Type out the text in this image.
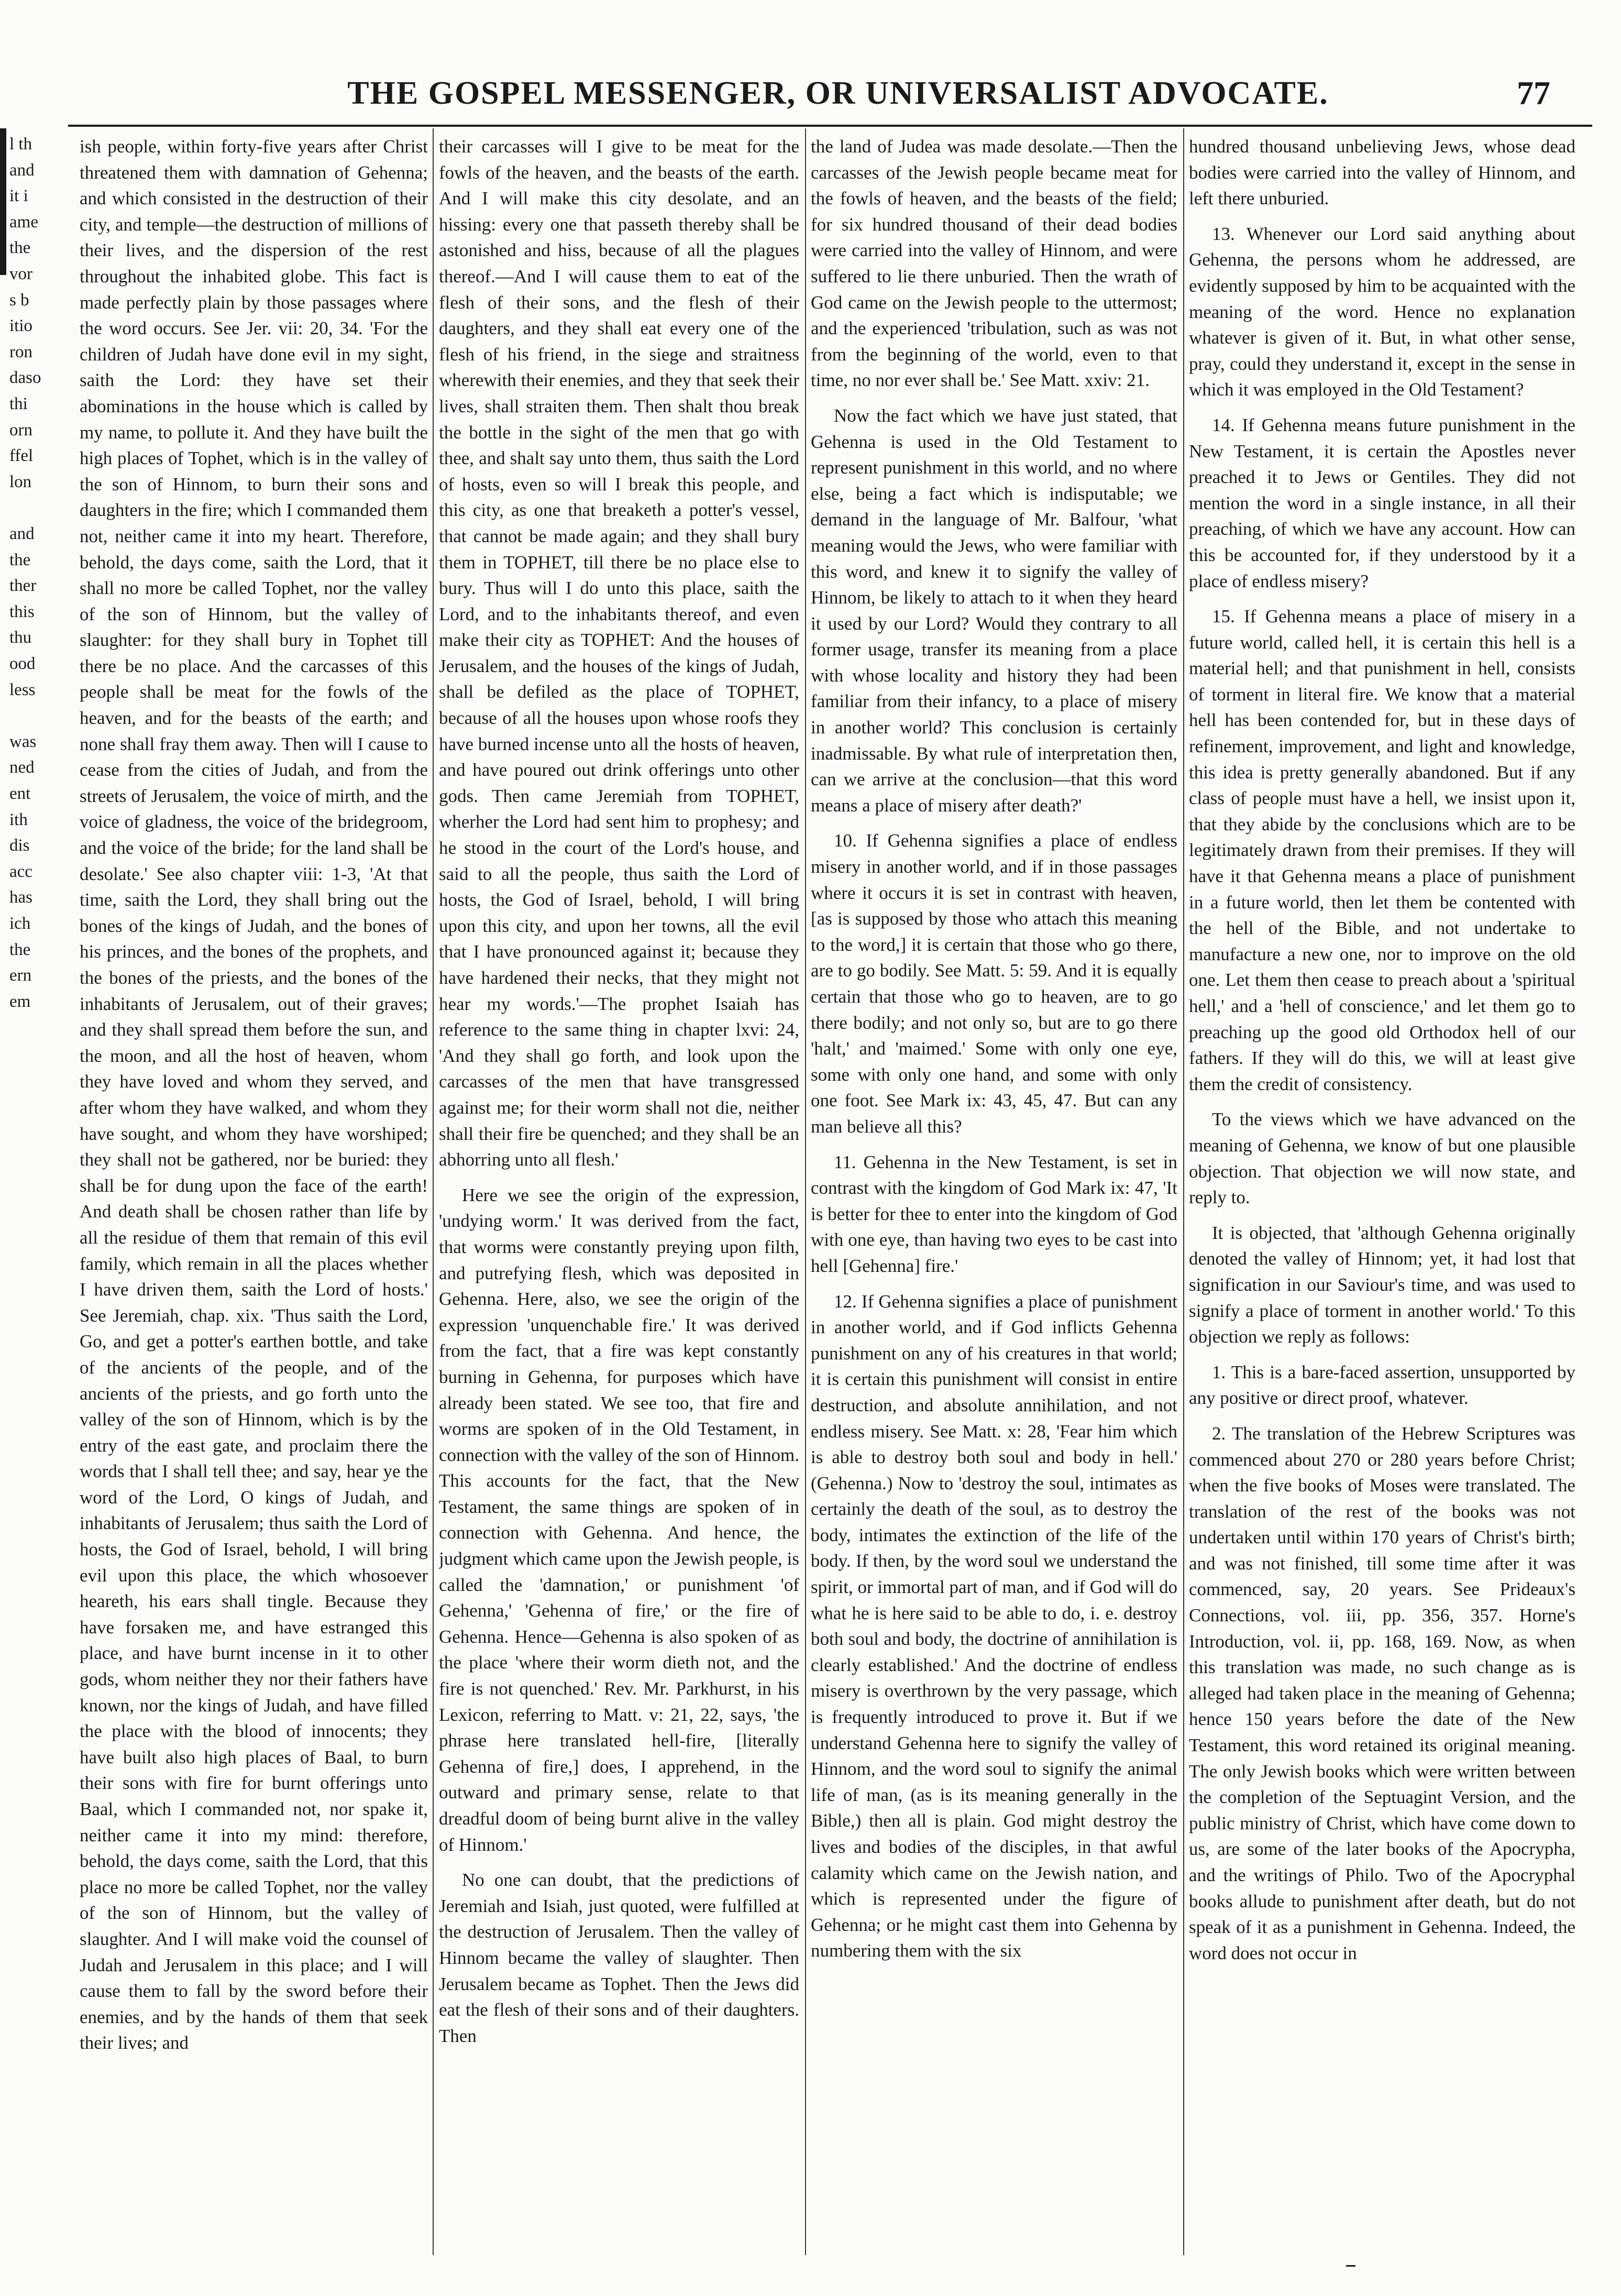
THE GOSPEL MESSENGER, OR UNIVERSALIST ADVOCATE.	77
l th
and
it i
ame
the
vor
s b
itio
ron
daso
thi
orn
ffel
lon
and
the
ther
this
thu
ood
less
was
ned
ent
ith
dis
acc
has
ich
the
ern
em

ish people, within forty-five years after Christ threatened them with damnation of Gehenna; and which consisted in the destruction of their city, and temple—the destruction of millions of their lives, and the dispersion of the rest throughout the inhabited globe. This fact is made perfectly plain by those passages where the word occurs. See Jer. vii: 20, 34. 'For the children of Judah have done evil in my sight, saith the Lord: they have set their abominations in the house which is called by my name, to pollute it. And they have built the high places of Tophet, which is in the valley of the son of Hinnom, to burn their sons and daughters in the fire; which I commanded them not, neither came it into my heart. Therefore, behold, the days come, saith the Lord, that it shall no more be called Tophet, nor the valley of the son of Hinnom, but the valley of slaughter: for they shall bury in Tophet till there be no place. And the carcasses of this people shall be meat for the fowls of the heaven, and for the beasts of the earth; and none shall fray them away. Then will I cause to cease from the cities of Judah, and from the streets of Jerusalem, the voice of mirth, and the voice of gladness, the voice of the bridegroom, and the voice of the bride; for the land shall be desolate.' See also chapter viii: 1-3, 'At that time, saith the Lord, they shall bring out the bones of the kings of Judah, and the bones of his princes, and the bones of the prophets, and the bones of the priests, and the bones of the inhabitants of Jerusalem, out of their graves; and they shall spread them before the sun, and the moon, and all the host of heaven, whom they have loved and whom they served, and after whom they have walked, and whom they have sought, and whom they have worshiped; they shall not be gathered, nor be buried: they shall be for dung upon the face of the earth! And death shall be chosen rather than life by all the residue of them that remain of this evil family, which remain in all the places whether I have driven them, saith the Lord of hosts.' See Jeremiah, chap. xix. 'Thus saith the Lord, Go, and get a potter's earthen bottle, and take of the ancients of the people, and of the ancients of the priests, and go forth unto the valley of the son of Hinnom, which is by the entry of the east gate, and proclaim there the words that I shall tell thee; and say, hear ye the word of the Lord, O kings of Judah, and inhabitants of Jerusalem; thus saith the Lord of hosts, the God of Israel, behold, I will bring evil upon this place, the which whosoever heareth, his ears shall tingle. Because they have forsaken me, and have estranged this place, and have burnt incense in it to other gods, whom neither they nor their fathers have known, nor the kings of Judah, and have filled the place with the blood of innocents; they have built also high places of Baal, to burn their sons with fire for burnt offerings unto Baal, which I commanded not, nor spake it, neither came it into my mind: therefore, behold, the days come, saith the Lord, that this place no more be called Tophet, nor the valley of the son of Hinnom, but the valley of slaughter. And I will make void the counsel of Judah and Jerusalem in this place; and I will cause them to fall by the sword before their enemies, and by the hands of them that seek their lives; and

their carcasses will I give to be meat for the fowls of the heaven, and the beasts of the earth. And I will make this city desolate, and an hissing: every one that passeth thereby shall be astonished and hiss, because of all the plagues thereof.—And I will cause them to eat of the flesh of their sons, and the flesh of their daughters, and they shall eat every one of the flesh of his friend, in the siege and straitness wherewith their enemies, and they that seek their lives, shall straiten them. Then shalt thou break the bottle in the sight of the men that go with thee, and shalt say unto them, thus saith the Lord of hosts, even so will I break this people, and this city, as one that breaketh a potter's vessel, that cannot be made again; and they shall bury them in TOPHET, till there be no place else to bury. Thus will I do unto this place, saith the Lord, and to the inhabitants thereof, and even make their city as TOPHET: And the houses of Jerusalem, and the houses of the kings of Judah, shall be defiled as the place of TOPHET, because of all the houses upon whose roofs they have burned incense unto all the hosts of heaven, and have poured out drink offerings unto other gods. Then came Jeremiah from TOPHET, wherher the Lord had sent him to prophesy; and he stood in the court of the Lord's house, and said to all the people, thus saith the Lord of hosts, the God of Israel, behold, I will bring upon this city, and upon her towns, all the evil that I have pronounced against it; because they have hardened their necks, that they might not hear my words.'—The prophet Isaiah has reference to the same thing in chapter lxvi: 24, 'And they shall go forth, and look upon the carcasses of the men that have transgressed against me; for their worm shall not die, neither shall their fire be quenched; and they shall be an abhorring unto all flesh.'

Here we see the origin of the expression, 'undying worm.' It was derived from the fact, that worms were constantly preying upon filth, and putrefying flesh, which was deposited in Gehenna. Here, also, we see the origin of the expression 'unquenchable fire.' It was derived from the fact, that a fire was kept constantly burning in Gehenna, for purposes which have already been stated. We see too, that fire and worms are spoken of in the Old Testament, in connection with the valley of the son of Hinnom. This accounts for the fact, that the New Testament, the same things are spoken of in connection with Gehenna. And hence, the judgment which came upon the Jewish people, is called the 'damnation,' or punishment 'of Gehenna,' 'Gehenna of fire,' or the fire of Gehenna. Hence—Gehenna is also spoken of as the place 'where their worm dieth not, and the fire is not quenched.' Rev. Mr. Parkhurst, in his Lexicon, referring to Matt. v: 21, 22, says, 'the phrase here translated hell-fire, [literally Gehenna of fire,] does, I apprehend, in the outward and primary sense, relate to that dreadful doom of being burnt alive in the valley of Hinnom.'

No one can doubt, that the predictions of Jeremiah and Isiah, just quoted, were fulfilled at the destruction of Jerusalem. Then the valley of Hinnom became the valley of slaughter. Then Jerusalem became as Tophet. Then the Jews did eat the flesh of their sons and of their daughters. Then

the land of Judea was made desolate.—Then the carcasses of the Jewish people became meat for the fowls of heaven, and the beasts of the field; for six hundred thousand of their dead bodies were carried into the valley of Hinnom, and were suffered to lie there unburied. Then the wrath of God came on the Jewish people to the uttermost; and the experienced 'tribulation, such as was not from the beginning of the world, even to that time, no nor ever shall be.' See Matt. xxiv: 21.

Now the fact which we have just stated, that Gehenna is used in the Old Testament to represent punishment in this world, and no where else, being a fact which is indisputable; we demand in the language of Mr. Balfour, 'what meaning would the Jews, who were familiar with this word, and knew it to signify the valley of Hinnom, be likely to attach to it when they heard it used by our Lord? Would they contrary to all former usage, transfer its meaning from a place with whose locality and history they had been familiar from their infancy, to a place of misery in another world? This conclusion is certainly inadmissable. By what rule of interpretation then, can we arrive at the conclusion—that this word means a place of misery after death?'

10. If Gehenna signifies a place of endless misery in another world, and if in those passages where it occurs it is set in contrast with heaven, [as is supposed by those who attach this meaning to the word,] it is certain that those who go there, are to go bodily. See Matt. 5: 59. And it is equally certain that those who go to heaven, are to go there bodily; and not only so, but are to go there 'halt,' and 'maimed.' Some with only one eye, some with only one hand, and some with only one foot. See Mark ix: 43, 45, 47. But can any man believe all this?

11. Gehenna in the New Testament, is set in contrast with the kingdom of God Mark ix: 47, 'It is better for thee to enter into the kingdom of God with one eye, than having two eyes to be cast into hell [Gehenna] fire.'

12. If Gehenna signifies a place of punishment in another world, and if God inflicts Gehenna punishment on any of his creatures in that world; it is certain this punishment will consist in entire destruction, and absolute annihilation, and not endless misery. See Matt. x: 28, 'Fear him which is able to destroy both soul and body in hell.' (Gehenna.) Now to 'destroy the soul, intimates as certainly the death of the soul, as to destroy the body, intimates the extinction of the life of the body. If then, by the word soul we understand the spirit, or immortal part of man, and if God will do what he is here said to be able to do, i. e. destroy both soul and body, the doctrine of annihilation is clearly established.' And the doctrine of endless misery is overthrown by the very passage, which is frequently introduced to prove it. But if we understand Gehenna here to signify the valley of Hinnom, and the word soul to signify the animal life of man, (as is its meaning generally in the Bible,) then all is plain. God might destroy the lives and bodies of the disciples, in that awful calamity which came on the Jewish nation, and which is represented under the figure of Gehenna; or he might cast them into Gehenna by numbering them with the six

hundred thousand unbelieving Jews, whose dead bodies were carried into the valley of Hinnom, and left there unburied.

13. Whenever our Lord said anything about Gehenna, the persons whom he addressed, are evidently supposed by him to be acquainted with the meaning of the word. Hence no explanation whatever is given of it. But, in what other sense, pray, could they understand it, except in the sense in which it was employed in the Old Testament?

14. If Gehenna means future punishment in the New Testament, it is certain the Apostles never preached it to Jews or Gentiles. They did not mention the word in a single instance, in all their preaching, of which we have any account. How can this be accounted for, if they understood by it a place of endless misery?

15. If Gehenna means a place of misery in a future world, called hell, it is certain this hell is a material hell; and that punishment in hell, consists of torment in literal fire. We know that a material hell has been contended for, but in these days of refinement, improvement, and light and knowledge, this idea is pretty generally abandoned. But if any class of people must have a hell, we insist upon it, that they abide by the conclusions which are to be legitimately drawn from their premises. If they will have it that Gehenna means a place of punishment in a future world, then let them be contented with the hell of the Bible, and not undertake to manufacture a new one, nor to improve on the old one. Let them then cease to preach about a 'spiritual hell,' and a 'hell of conscience,' and let them go to preaching up the good old Orthodox hell of our fathers. If they will do this, we will at least give them the credit of consistency.

To the views which we have advanced on the meaning of Gehenna, we know of but one plausible objection. That objection we will now state, and reply to.

It is objected, that 'although Gehenna originally denoted the valley of Hinnom; yet, it had lost that signification in our Saviour's time, and was used to signify a place of torment in another world.' To this objection we reply as follows:

1. This is a bare-faced assertion, unsupported by any positive or direct proof, whatever.

2. The translation of the Hebrew Scriptures was commenced about 270 or 280 years before Christ; when the five books of Moses were translated. The translation of the rest of the books was not undertaken until within 170 years of Christ's birth; and was not finished, till some time after it was commenced, say, 20 years. See Prideaux's Connections, vol. iii, pp. 356, 357. Horne's Introduction, vol. ii, pp. 168, 169. Now, as when this translation was made, no such change as is alleged had taken place in the meaning of Gehenna; hence 150 years before the date of the New Testament, this word retained its original meaning. The only Jewish books which were written between the completion of the Septuagint Version, and the public ministry of Christ, which have come down to us, are some of the later books of the Apocrypha, and the writings of Philo. Two of the Apocryphal books allude to punishment after death, but do not speak of it as a punishment in Gehenna. Indeed, the word does not occur in
